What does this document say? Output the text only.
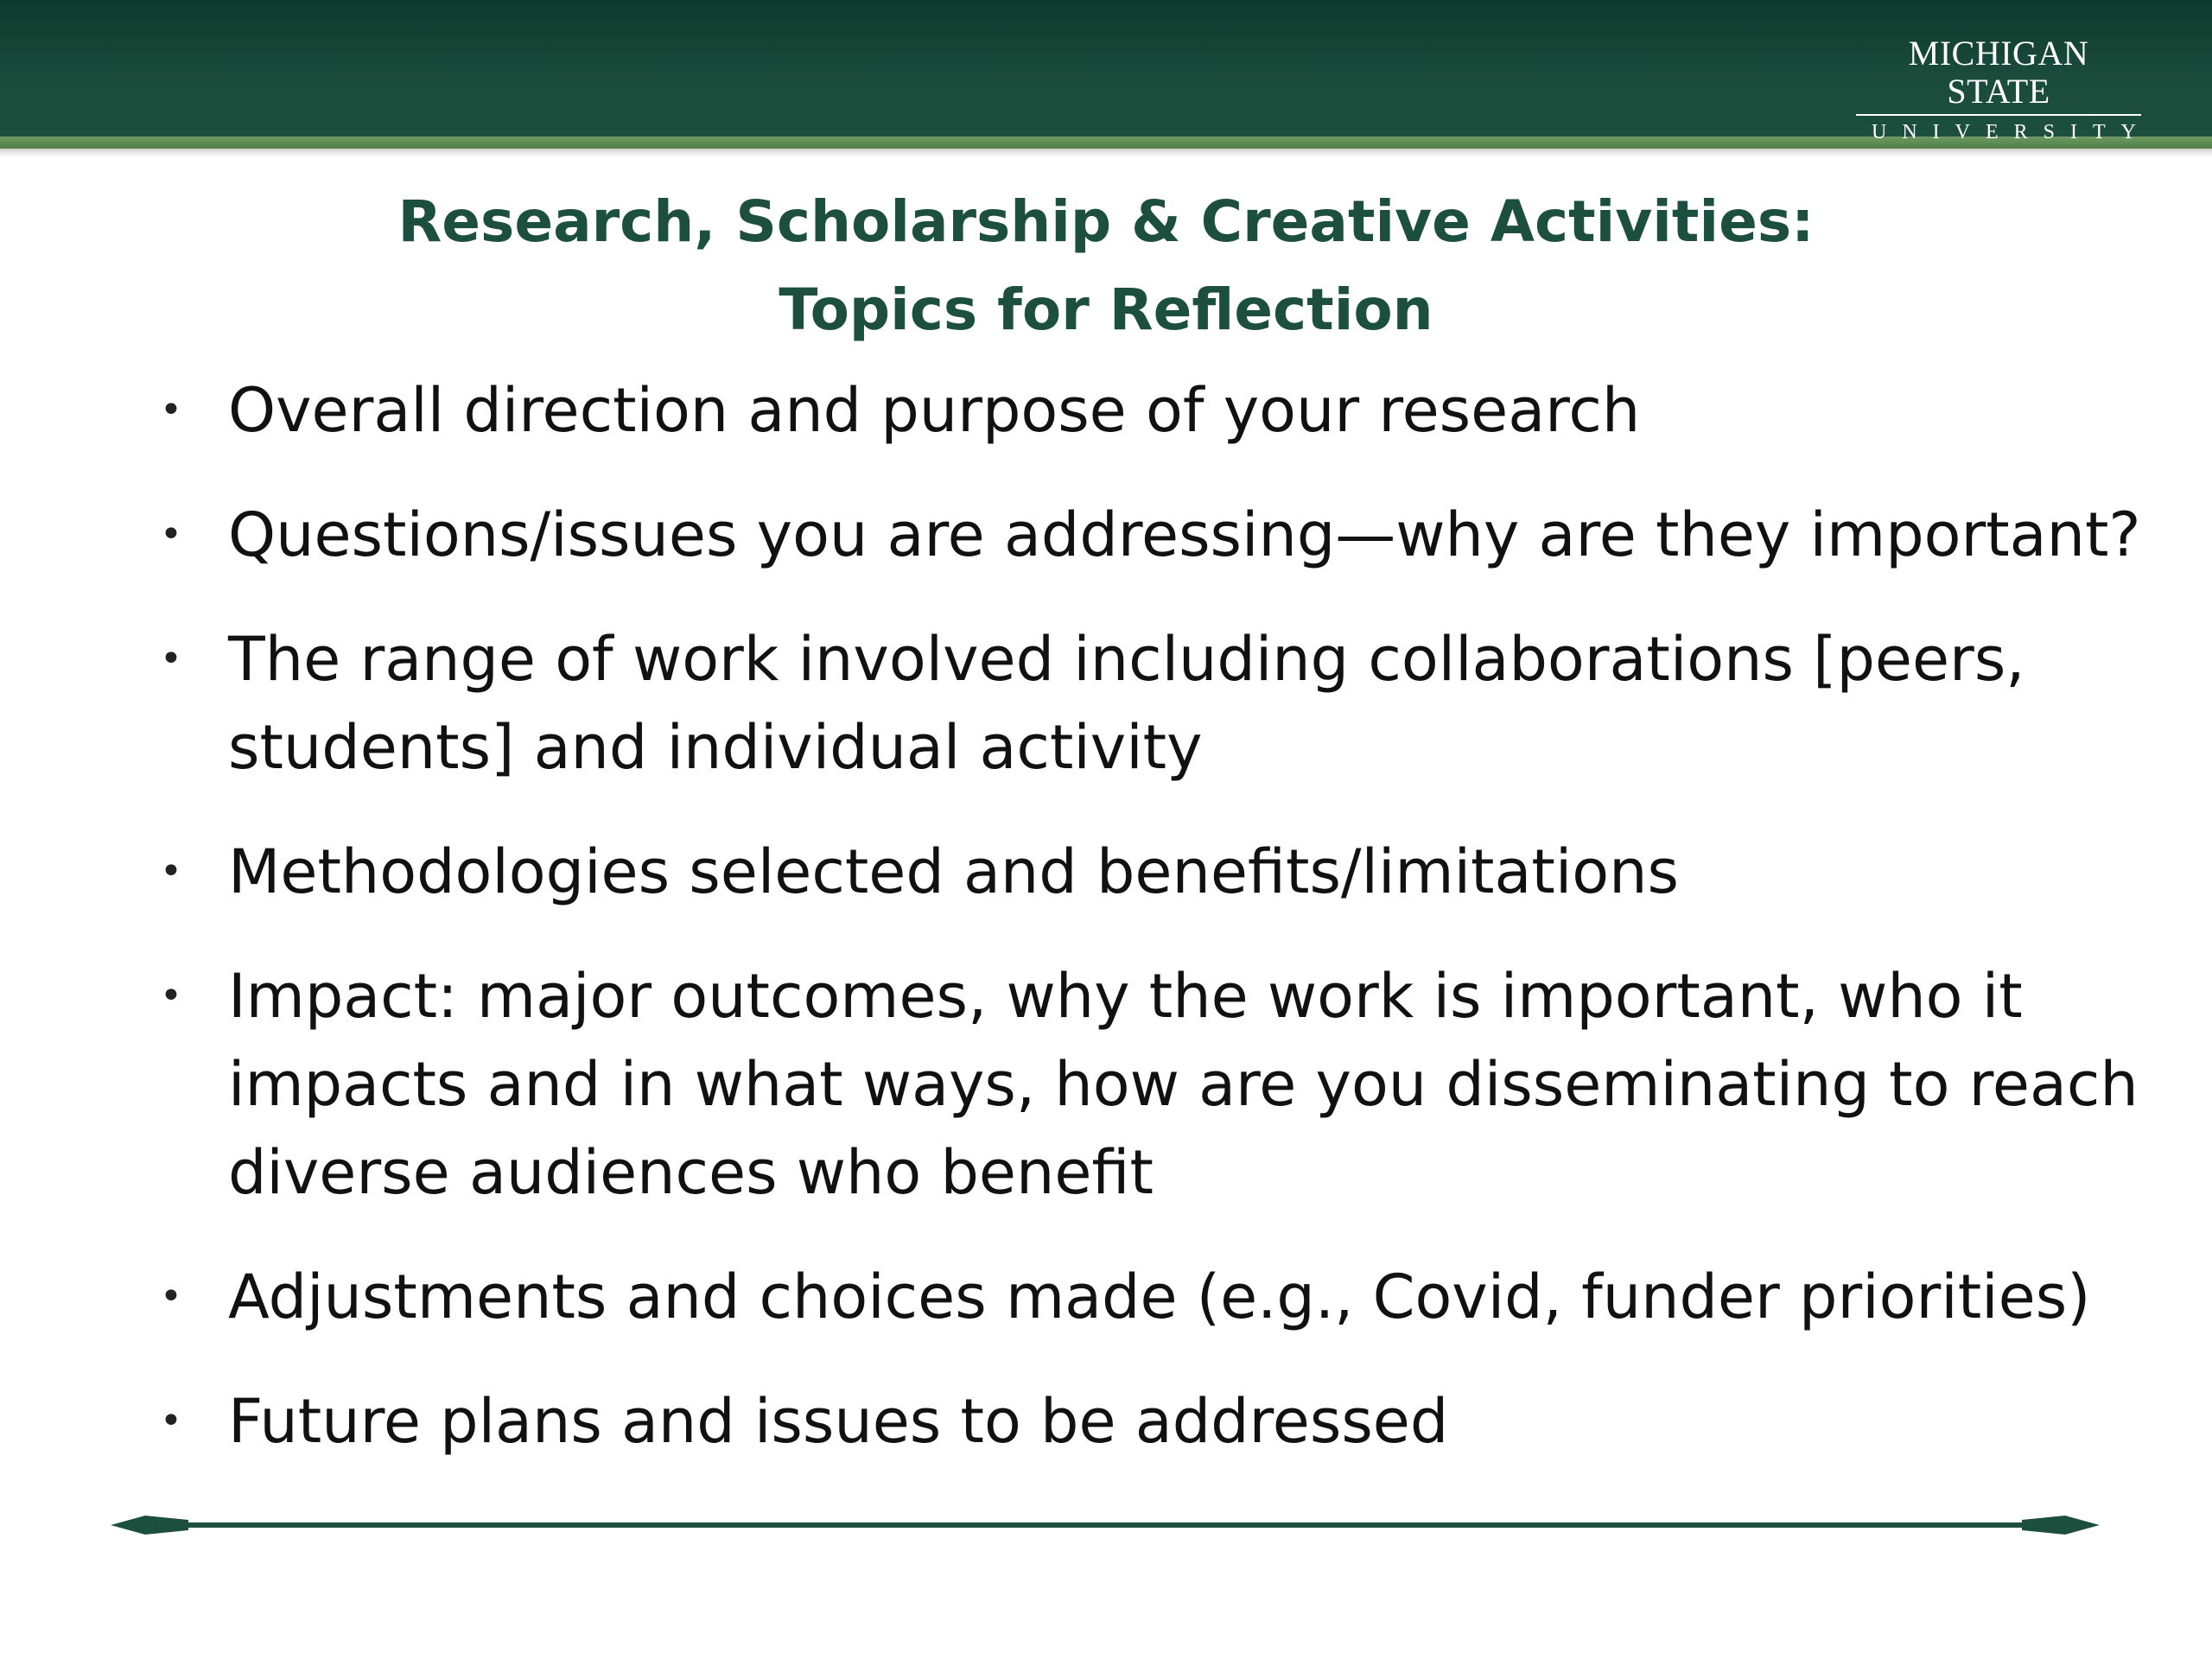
MICHIGAN STATE
UNIVERSITY
Research, Scholarship & Creative Activities:
Topics for Reflection
• Overall direction and purpose of your research
• Questions/issues you are addressing—why are they important?
• The range of work involved including collaborations [peers,
students] and individual activity
• Methodologies selected and benefits/limitations
• Impact: major outcomes, why the work is important, who it
impacts and in what ways, how are you disseminating to reach
diverse audiences who benefit
• Adjustments and choices made (e.g., Covid, funder priorities)
• Future plans and issues to be addressed
